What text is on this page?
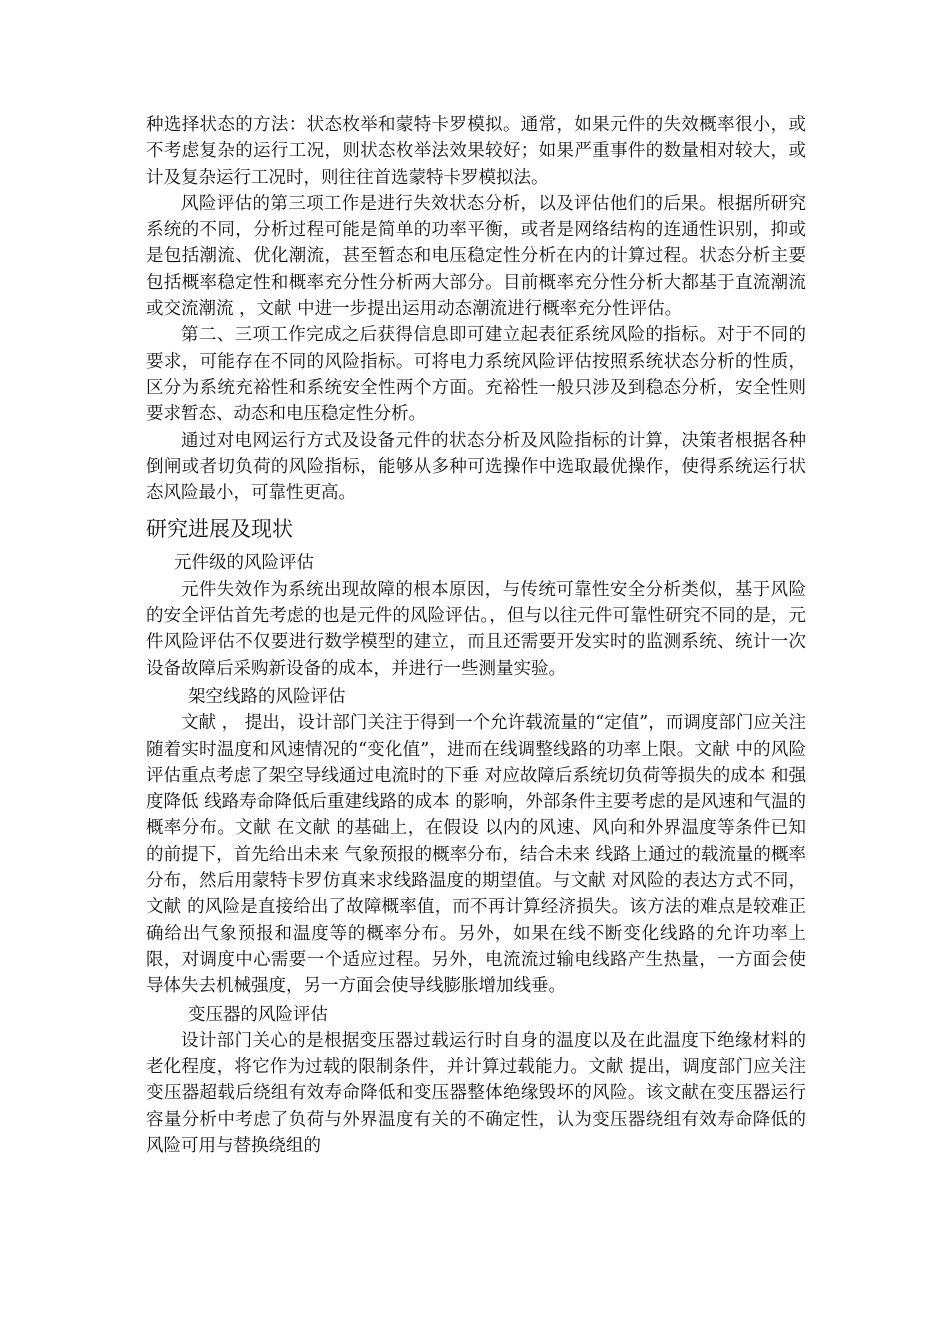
种选择状态的方法：状态枚举和蒙特卡罗模拟。通常，如果元件的失效概率很小，或不考虑复杂的运行工况，则状态枚举法效果较好；如果严重事件的数量相对较大，或计及复杂运行工况时，则往往首选蒙特卡罗模拟法。

风险评估的第三项工作是进行失效状态分析，以及评估他们的后果。根据所研究系统的不同，分析过程可能是简单的功率平衡，或者是网络结构的连通性识别，抑或是包括潮流、优化潮流，甚至暂态和电压稳定性分析在内的计算过程。状态分析主要包括概率稳定性和概率充分性分析两大部分。目前概率充分性分析大都基于直流潮流或交流潮流 ，文献 中进一步提出运用动态潮流进行概率充分性评估。

第二、三项工作完成之后获得信息即可建立起表征系统风险的指标。对于不同的要求，可能存在不同的风险指标。可将电力系统风险评估按照系统状态分析的性质，区分为系统充裕性和系统安全性两个方面。充裕性一般只涉及到稳态分析，安全性则要求暂态、动态和电压稳定性分析。

通过对电网运行方式及设备元件的状态分析及风险指标的计算，决策者根据各种倒闸或者切负荷的风险指标，能够从多种可选操作中选取最优操作，使得系统运行状态风险最小，可靠性更高。

研究进展及现状

元件级的风险评估

元件失效作为系统出现故障的根本原因，与传统可靠性安全分析类似，基于风险的安全评估首先考虑的也是元件的风险评估。，但与以往元件可靠性研究不同的是，元件风险评估不仅要进行数学模型的建立，而且还需要开发实时的监测系统、统计一次设备故障后采购新设备的成本，并进行一些测量实验。

架空线路的风险评估

文献 ， 提出，设计部门关注于得到一个允许载流量的“定值”，而调度部门应关注随着实时温度和风速情况的“变化值”，进而在线调整线路的功率上限。文献 中的风险评估重点考虑了架空导线通过电流时的下垂 对应故障后系统切负荷等损失的成本 和强度降低 线路寿命降低后重建线路的成本 的影响，外部条件主要考虑的是风速和气温的概率分布。文献 在文献 的基础上，在假设 以内的风速、风向和外界温度等条件已知的前提下，首先给出未来 气象预报的概率分布，结合未来 线路上通过的载流量的概率分布，然后用蒙特卡罗仿真来求线路温度的期望值。与文献 对风险的表达方式不同，文献 的风险是直接给出了故障概率值，而不再计算经济损失。该方法的难点是较难正确给出气象预报和温度等的概率分布。另外，如果在线不断变化线路的允许功率上限，对调度中心需要一个适应过程。另外，电流流过输电线路产生热量，一方面会使导体失去机械强度，另一方面会使导线膨胀增加线垂。

变压器的风险评估

设计部门关心的是根据变压器过载运行时自身的温度以及在此温度下绝缘材料的老化程度，将它作为过载的限制条件，并计算过载能力。文献 提出，调度部门应关注变压器超载后绕组有效寿命降低和变压器整体绝缘毁坏的风险。该文献在变压器运行容量分析中考虑了负荷与外界温度有关的不确定性，认为变压器绕组有效寿命降低的风险可用与替换绕组的
